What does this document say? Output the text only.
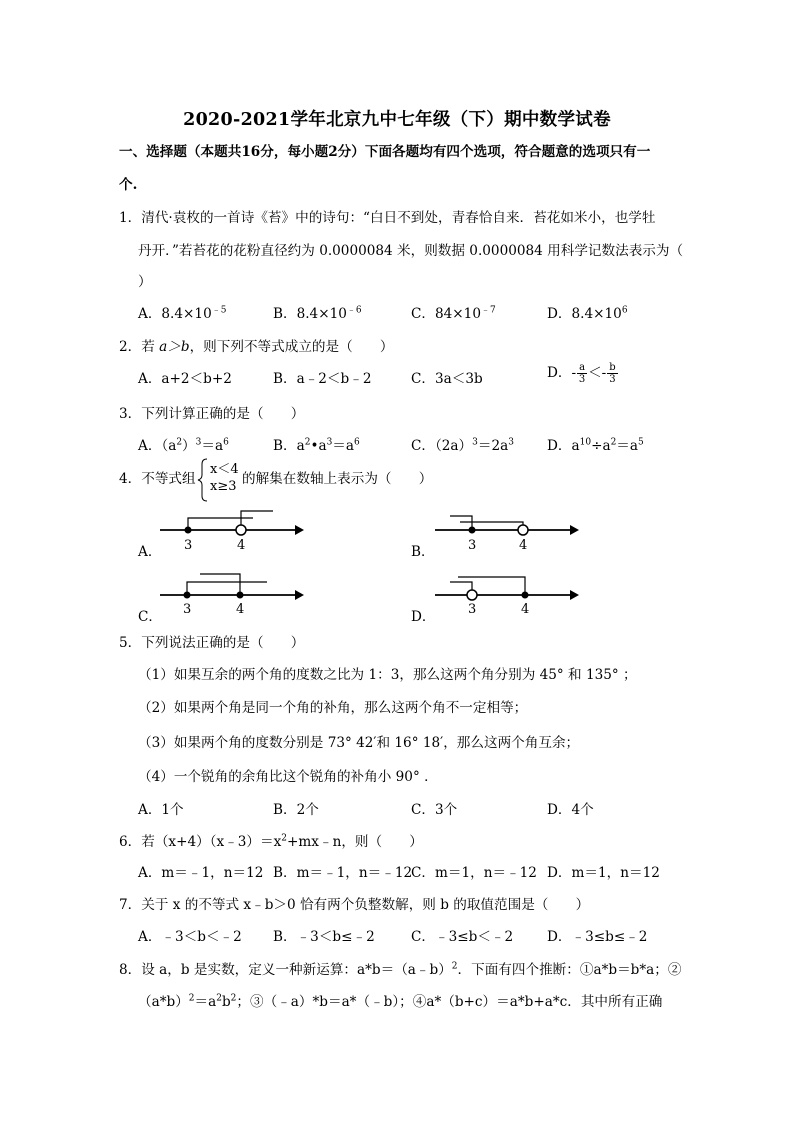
2020-2021学年北京九中七年级（下）期中数学试卷
一、选择题（本题共16分，每小题2分）下面各题均有四个选项，符合题意的选项只有一
个.
1．清代·袁枚的一首诗《苔》中的诗句：“白日不到处，青春恰自来．苔花如米小，也学牡
丹开．”若苔花的花粉直径约为 0.0000084 米，则数据 0.0000084 用科学记数法表示为（
）
A．$8.4\times 10^{﹣5}$	B．$8.4\times 10^{﹣6}$	C．$84\times 10^{﹣7}$	D．$8.4\times 10^6$
2．若 a＞b，则下列不等式成立的是（　　）
A．a+2＜b+2	B．a﹣2＜b﹣2	C．3a＜3b	D．- $\frac{a}{3} <- \frac{b}{3}$
3．下列计算正确的是（　　）
A．$(a^2)^3=a^6$	B．$a^2•a^3=a^6$	C．$(2a)^3=2a^3$ D．$a^{10}\div a^2=a^5$
4．不等式组
x＜4
x≥3 的解集在数轴上表示为（　　）
A． 3	4	B．	3	4
C． 3	4	D．	3	4
5．下列说法正确的是（　　）
（1）如果互余的两个角的度数之比为 1：3，那么这两个角分别为 45° 和 135° ；
（2）如果两个角是同一个角的补角，那么这两个角不一定相等；
（3）如果两个角的度数分别是 73° 42′和 16° 18′，那么这两个角互余；
（4）一个锐角的余角比这个锐角的补角小 90° ．
A．1个	B．2个	C．3个	D．4个
6．若$(x+4)(x﹣3)=x^2+mx﹣n$，则（　　）
A．m＝﹣1，n＝12 B．m＝﹣1，n＝﹣12
C．m＝1，n＝﹣12 D．m＝1，n＝12
7．关于 x 的不等式 x﹣b＞0 恰有两个负整数解，则 b 的取值范围是（　　）
A．﹣3＜b＜﹣2 B．﹣3＜b≤﹣2	C．﹣3≤b＜﹣2 D．﹣3≤b≤﹣2
8．设 a，b 是实数，定义一种新运算：a*b＝（a﹣b）$^2$．下面有四个推断：①a*b＝b*a；②
$(a*b)^2=a^2b^2$；③（﹣a）*b＝a*（﹣b）；④a*（b+c）＝a*b+a*c．其中所有正确
